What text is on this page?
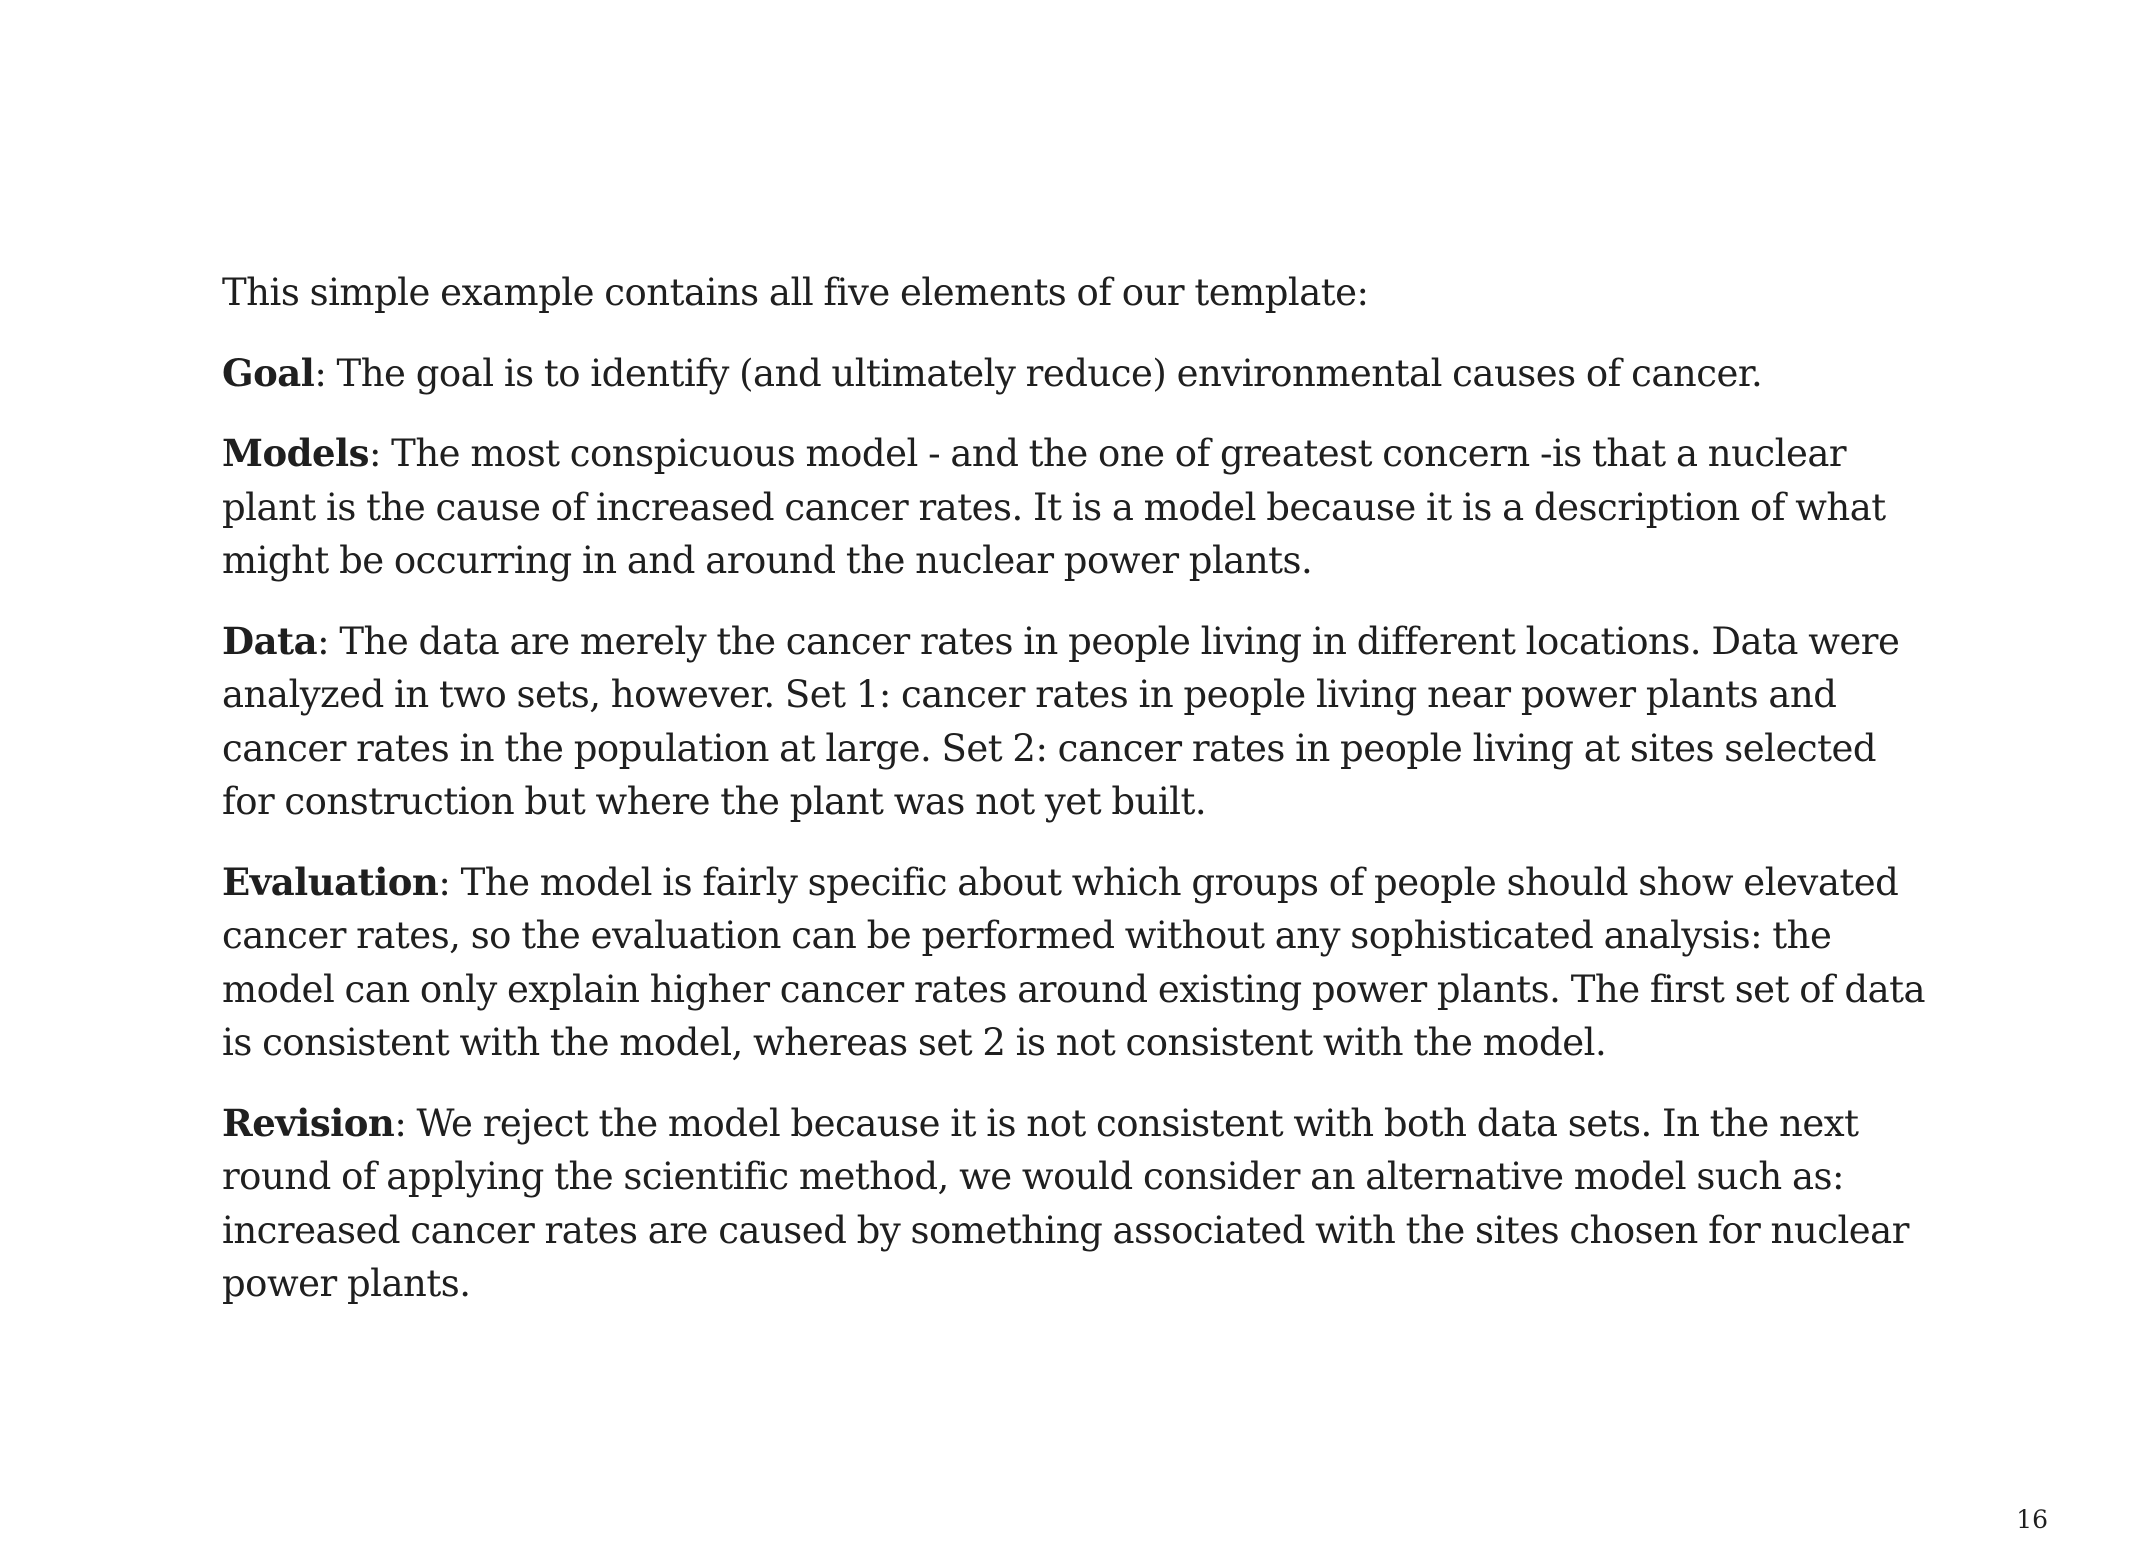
This simple example contains all five elements of our template:

Goal: The goal is to identify (and ultimately reduce) environmental causes of cancer.

Models: The most conspicuous model - and the one of greatest concern -is that a nuclear plant is the cause of increased cancer rates. It is a model because it is a description of what might be occurring in and around the nuclear power plants.

Data: The data are merely the cancer rates in people living in different locations. Data were analyzed in two sets, however. Set 1: cancer rates in people living near power plants and cancer rates in the population at large. Set 2: cancer rates in people living at sites selected for construction but where the plant was not yet built.

Evaluation: The model is fairly specific about which groups of people should show elevated cancer rates, so the evaluation can be performed without any sophisticated analysis: the model can only explain higher cancer rates around existing power plants. The first set of data is consistent with the model, whereas set 2 is not consistent with the model.

Revision: We reject the model because it is not consistent with both data sets. In the next round of applying the scientific method, we would consider an alternative model such as: increased cancer rates are caused by something associated with the sites chosen for nuclear power plants.

16
